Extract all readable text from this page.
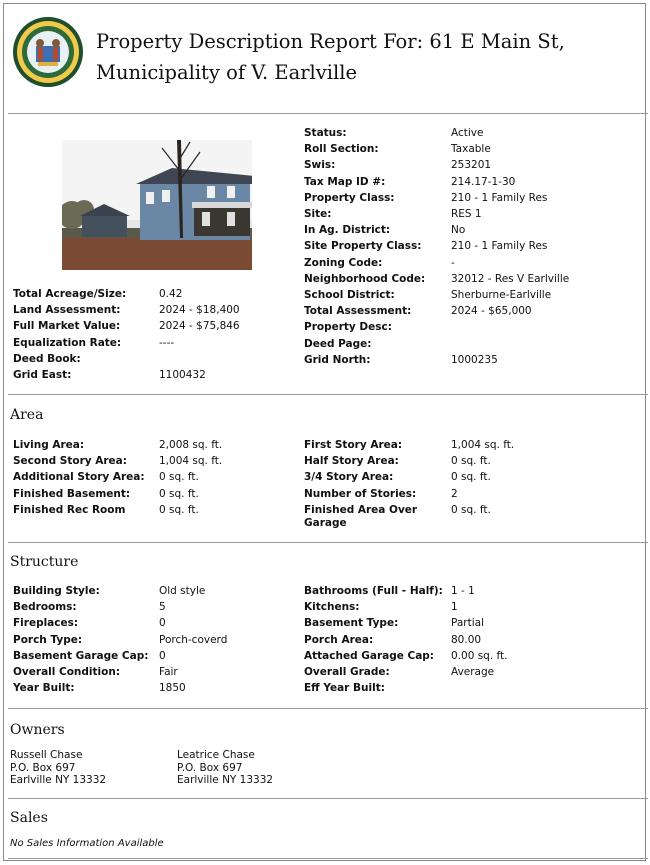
Property Description Report For: 61 E Main St,
Municipality of V. Earlville
Total Acreage/Size:	0.42
Land Assessment:	2024 - $18,400
Full Market Value:	2024 - $75,846
Equalization Rate:	----
Deed Book:
Grid East:	1100432
Status:	Active
Roll Section:	Taxable
Swis:	253201
Tax Map ID #:	214.17-1-30
Property Class:	210 - 1 Family Res
Site:	RES 1
In Ag. District:	No
Site Property Class:	210 - 1 Family Res
Zoning Code:	-
Neighborhood Code: 32012 - Res V Earlville
School District:	Sherburne-Earlville
Total Assessment:	2024 - $65,000
Property Desc:
Deed Page:
Grid North:	1000235
Area
Living Area:	2,008 sq. ft.
Second Story Area:	1,004 sq. ft.
Additional Story Area: 0 sq. ft.
Finished Basement:	0 sq. ft.
Finished Rec Room	0 sq. ft.
First Story Area:	1,004 sq. ft.
Half Story Area:	0 sq. ft.
3/4 Story Area:	0 sq. ft.
Number of Stories:	2
Finished Area Over
Garage
0 sq. ft.
Structure
Building Style:	Old style
Bedrooms:	5
Fireplaces:	0
Porch Type:	Porch-coverd
Basement Garage Cap: 0
Overall Condition:	Fair
Year Built:	1850
Bathrooms (Full - Half): 1 - 1
Kitchens:	1
Basement Type:	Partial
Porch Area:	80.00
Attached Garage Cap: 0.00 sq. ft.
Overall Grade:	Average
Eff Year Built:
Owners
Russell Chase
P.O. Box 697
Earlville NY 13332
Leatrice Chase
P.O. Box 697
Earlville NY 13332
Sales
No Sales Information Available
